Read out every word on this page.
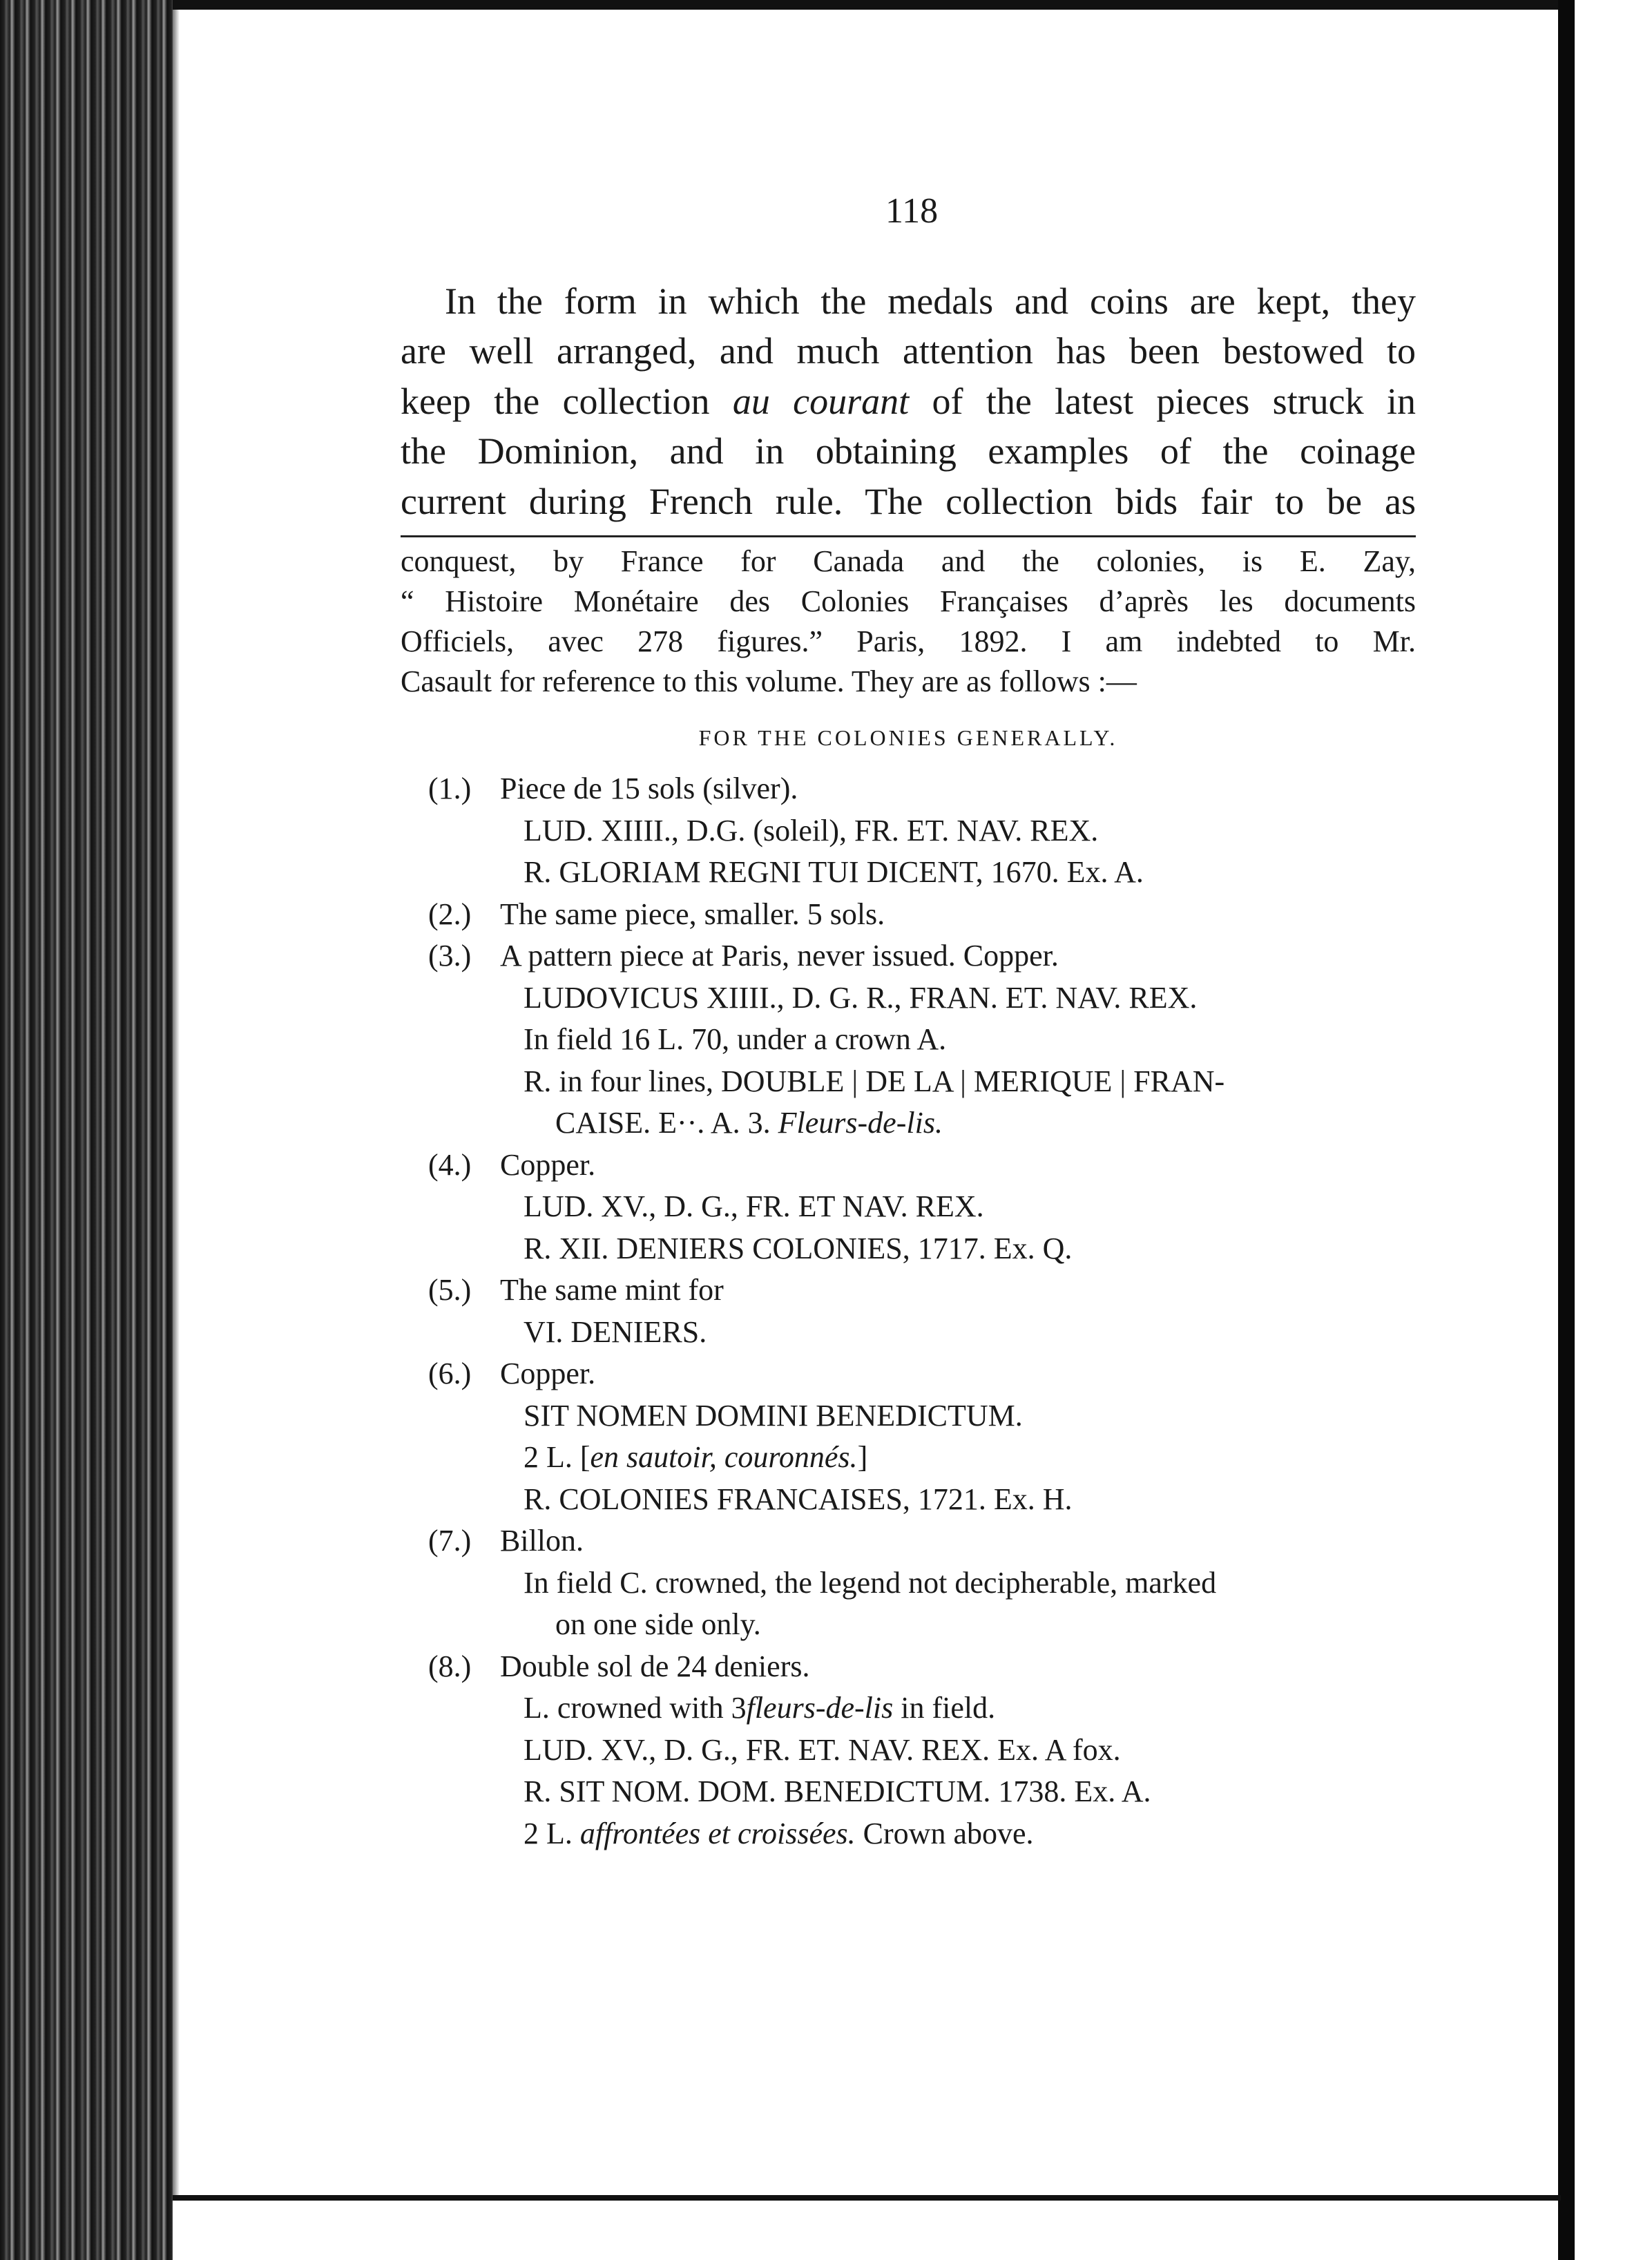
118
In the form in which the medals and coins are kept, they
are well arranged, and much attention has been bestowed to
keep the collection au courant of the latest pieces struck in
the Dominion, and in obtaining examples of the coinage
current during French rule. The collection bids fair to be as
conquest, by France for Canada and the colonies, is E. Zay,
“ Histoire Monétaire des Colonies Françaises d’après les documents
Officiels, avec 278 figures.” Paris, 1892. I am indebted to Mr.
Casault for reference to this volume. They are as follows :—
FOR THE COLONIES GENERALLY.
(1.) Piece de 15 sols (silver).
LUD. XIIII., D.G. (soleil), FR. ET. NAV. REX.
R. GLORIAM REGNI TUI DICENT, 1670. Ex. A.
(2.) The same piece, smaller. 5 sols.
(3.) A pattern piece at Paris, never issued. Copper.
LUDOVICUS XIIII., D. G. R., FRAN. ET. NAV. REX.
In field 16 L. 70, under a crown A.
R. in four lines, DOUBLE | DE LA | MERIQUE | FRAN-
CAISE. E··. A. 3. Fleurs-de-lis.
(4.) Copper.
LUD. XV., D. G., FR. ET NAV. REX.
R. XII. DENIERS COLONIES, 1717. Ex. Q.
(5.) The same mint for
VI. DENIERS.
(6.) Copper.
SIT NOMEN DOMINI BENEDICTUM.
2 L. [en sautoir, couronnés.]
R. COLONIES FRANCAISES, 1721. Ex. H.
(7.) Billon.
In field C. crowned, the legend not decipherable, marked
on one side only.
(8.) Double sol de 24 deniers.
L. crowned with 3fleurs-de-lis in field.
LUD. XV., D. G., FR. ET. NAV. REX. Ex. A fox.
R. SIT NOM. DOM. BENEDICTUM. 1738. Ex. A.
2 L. affrontées et croissées. Crown above.
